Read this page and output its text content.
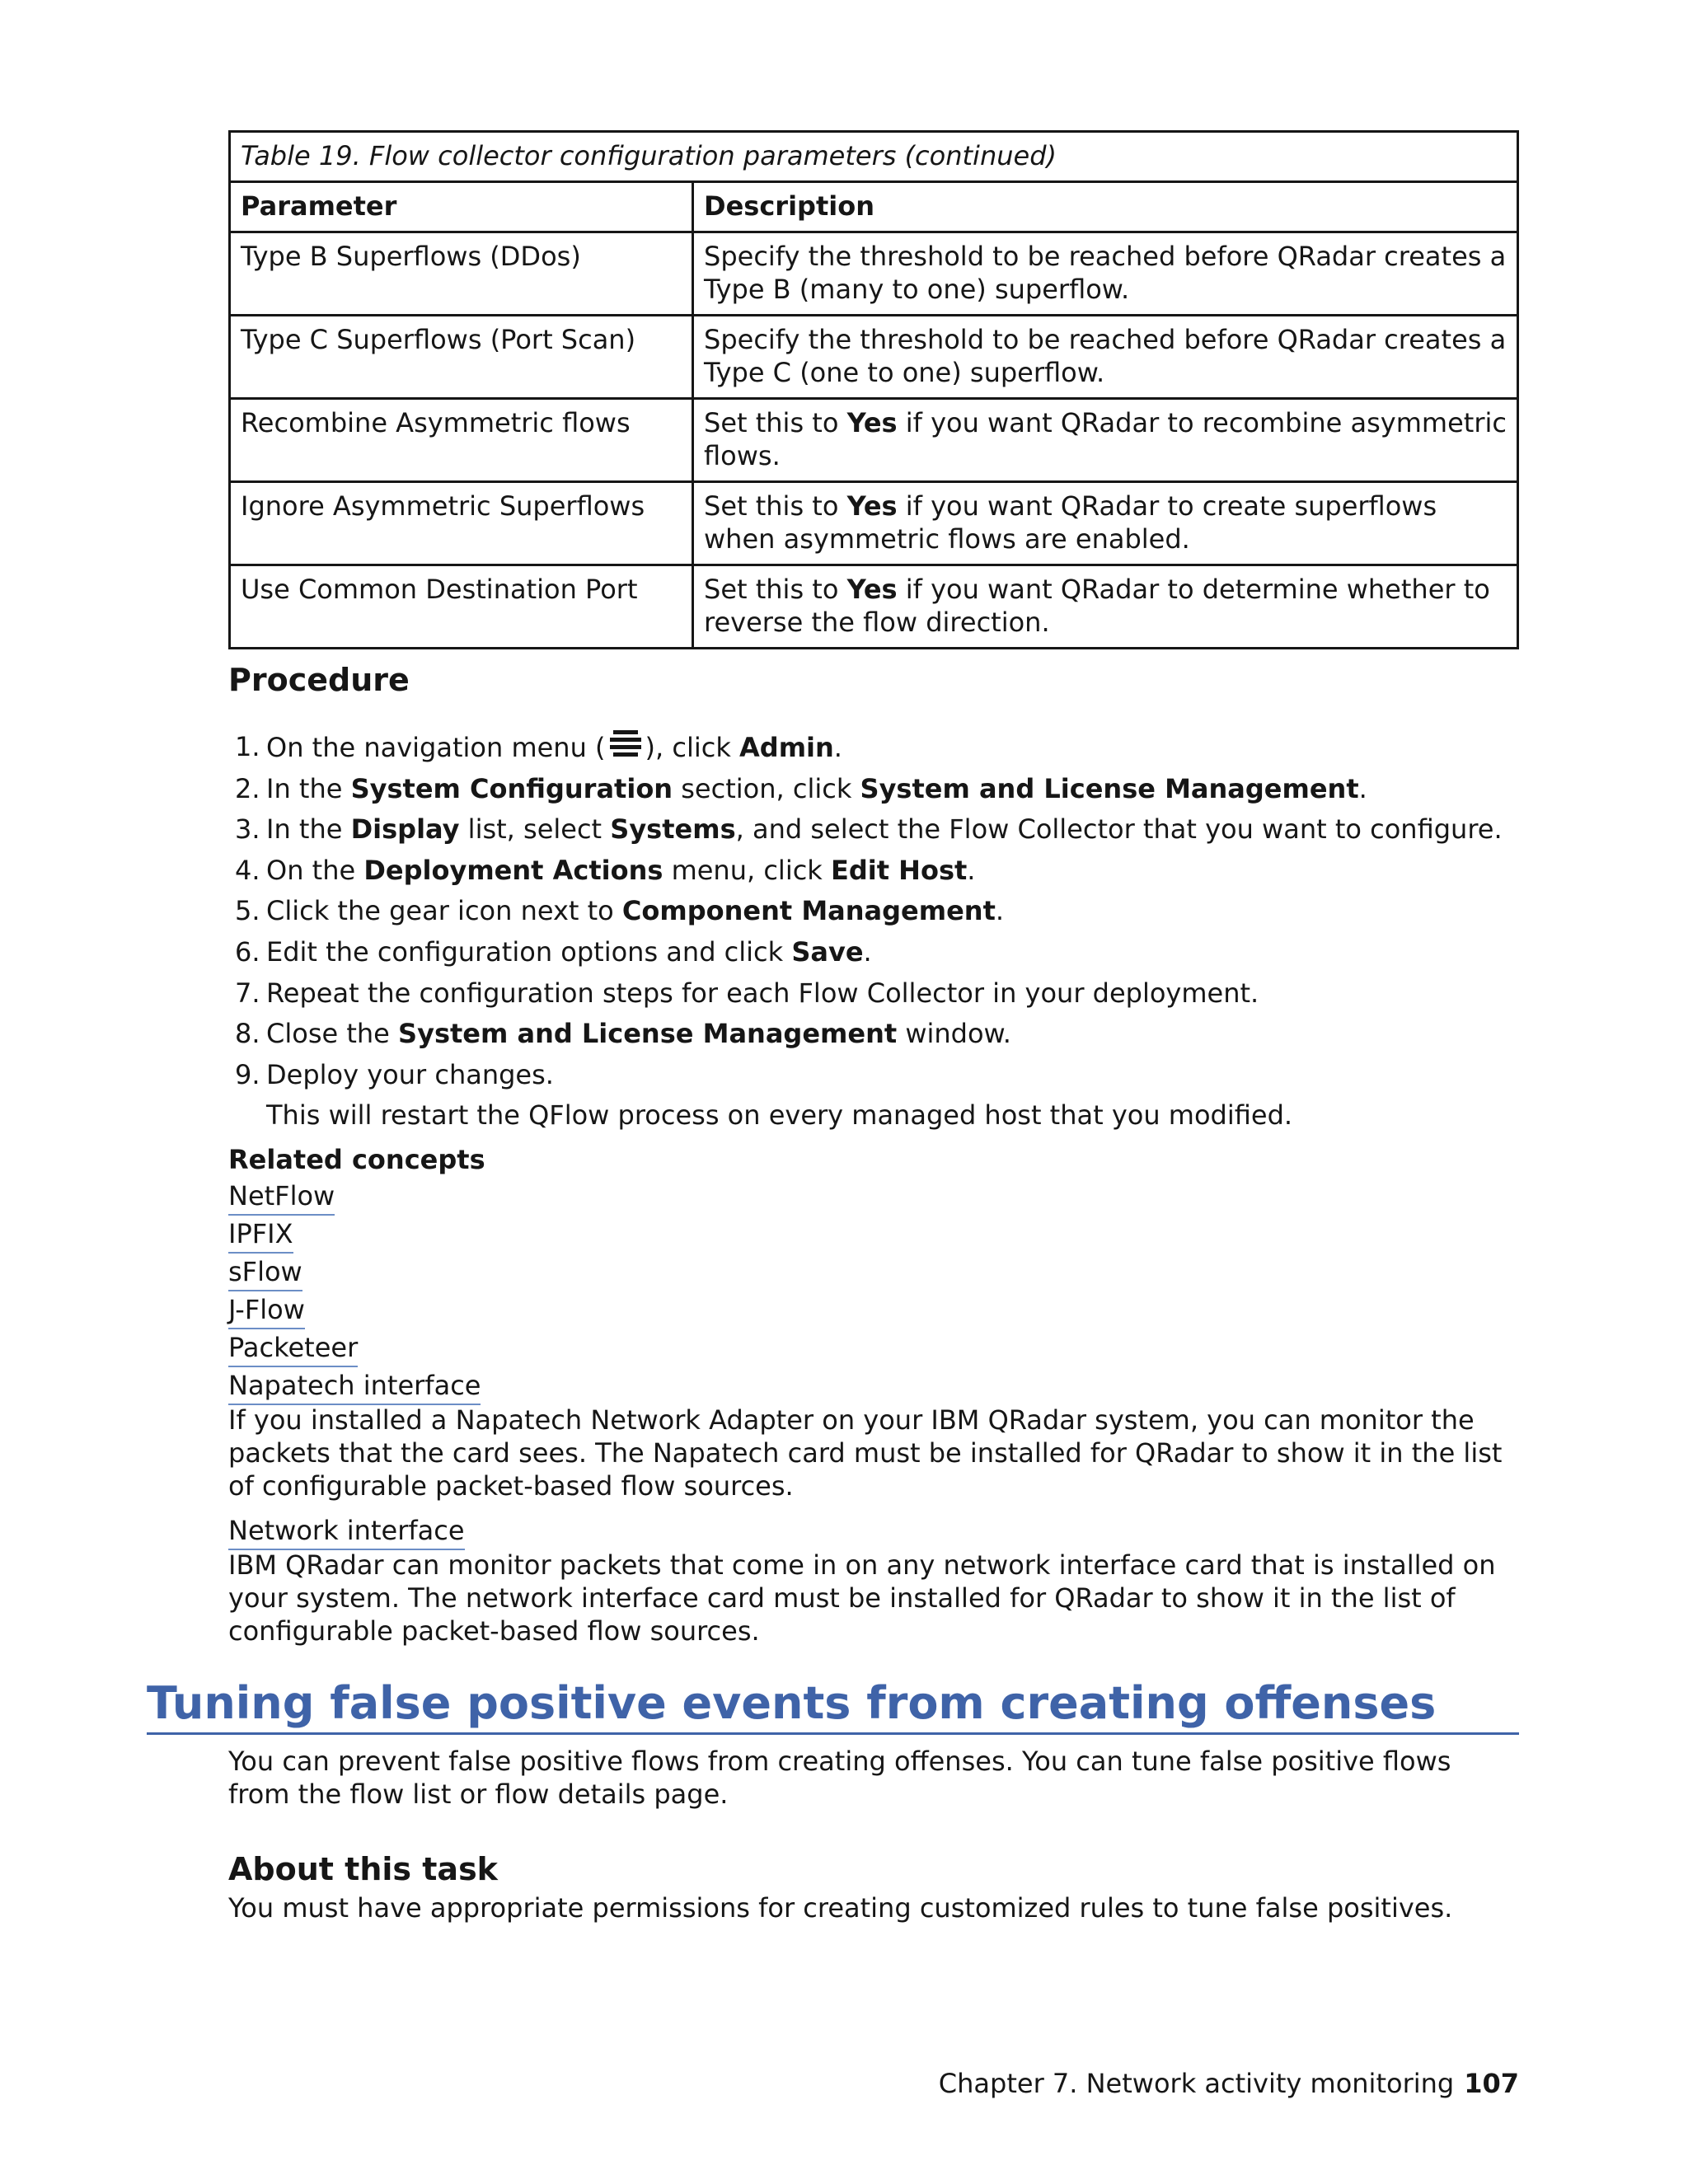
Table 19. Flow collector configuration parameters (continued)	
Parameter	Description
Type B Superflows (DDos)	Specify the threshold to be reached before QRadar creates a Type B (many to one) superflow.
Type C Superflows (Port Scan)	Specify the threshold to be reached before QRadar creates a Type C (one to one) superflow.
Recombine Asymmetric flows	Set this to Yes if you want QRadar to recombine asymmetric flows.
Ignore Asymmetric Superflows	Set this to Yes if you want QRadar to create superflows when asymmetric flows are enabled.
Use Common Destination Port	Set this to Yes if you want QRadar to determine whether to reverse the flow direction.
Procedure
1. On the navigation menu ( ), click Admin.
2. In the System Configuration section, click System and License Management.
3. In the Display list, select Systems, and select the Flow Collector that you want to configure.
4. On the Deployment Actions menu, click Edit Host.
5. Click the gear icon next to Component Management.
6. Edit the configuration options and click Save.
7. Repeat the configuration steps for each Flow Collector in your deployment.
8. Close the System and License Management window.
9. Deploy your changes.
This will restart the QFlow process on every managed host that you modified.
Related concepts
NetFlow
IPFIX
sFlow
J-Flow
Packeteer
Napatech interface

If you installed a Napatech Network Adapter on your IBM QRadar system, you can monitor the packets that the card sees. The Napatech card must be installed for QRadar to show it in the list of configurable packet-based flow sources.

Network interface

IBM QRadar can monitor packets that come in on any network interface card that is installed on your system. The network interface card must be installed for QRadar to show it in the list of configurable packet-based flow sources.

Tuning false positive events from creating offenses

You can prevent false positive flows from creating offenses. You can tune false positive flows from the flow list or flow details page.

About this task

You must have appropriate permissions for creating customized rules to tune false positives.

Chapter 7. Network activity monitoring 107
